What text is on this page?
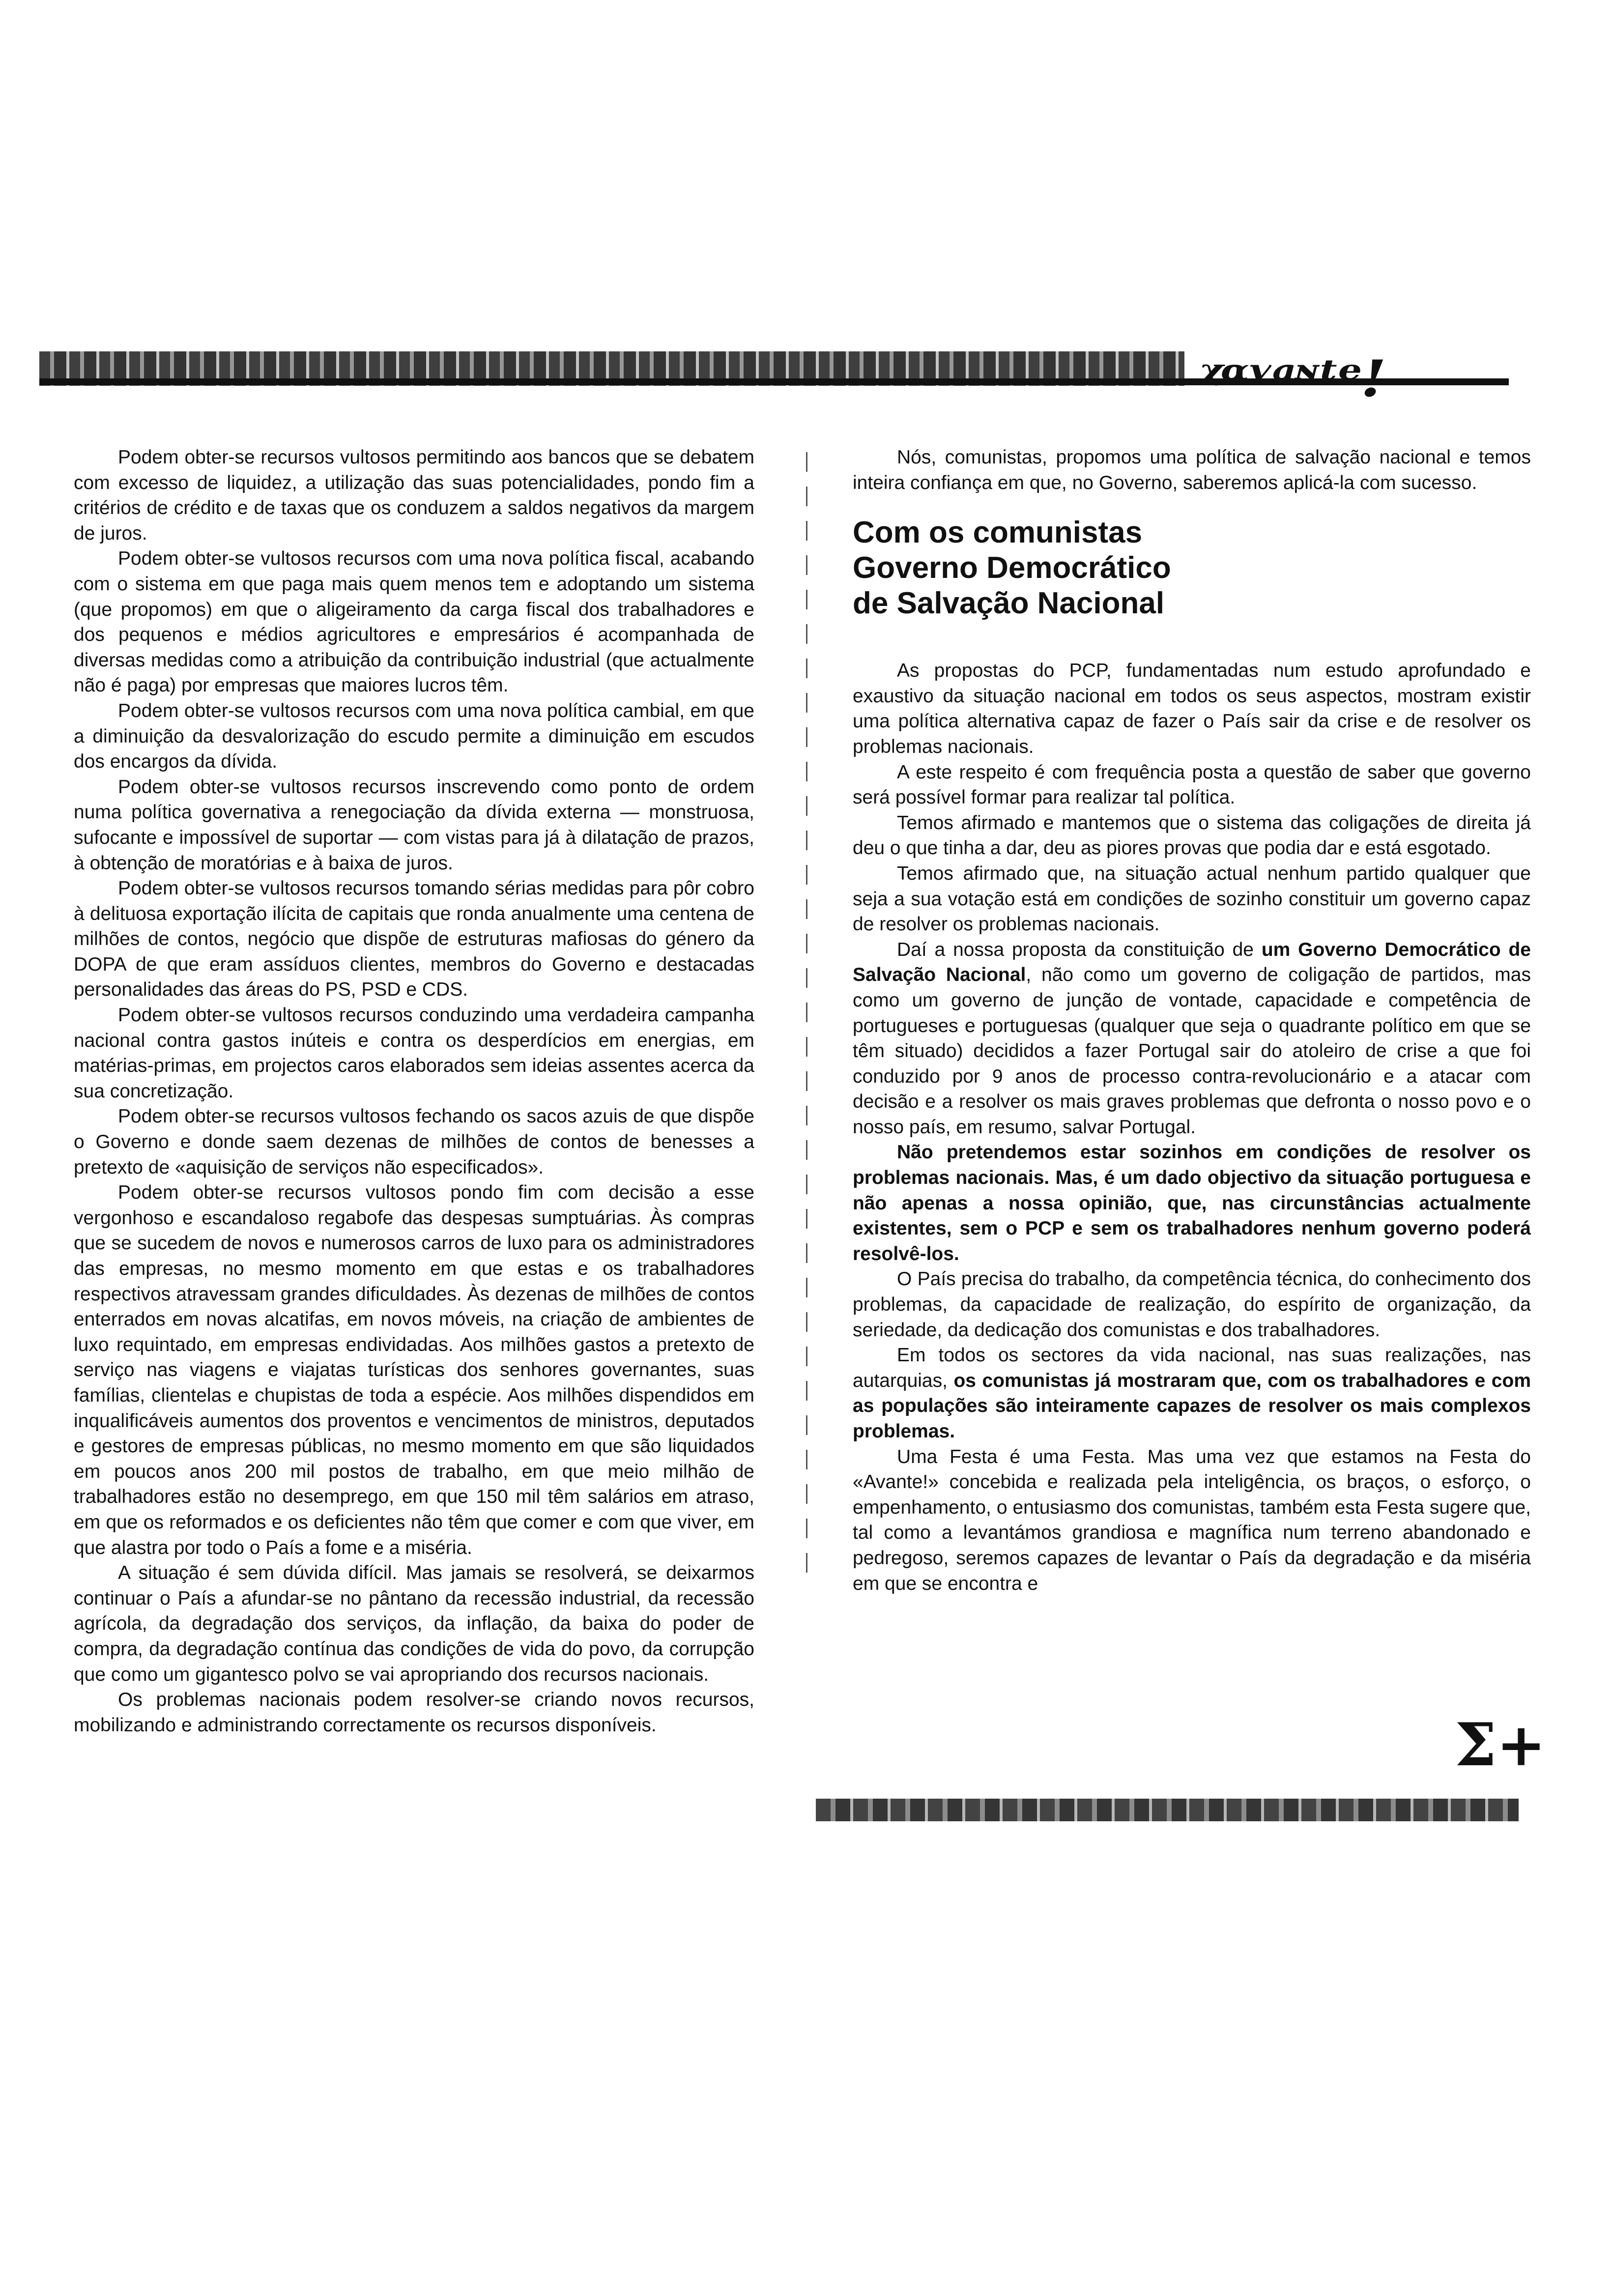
ᵡᵅᵛᵃᶰᵗᵉ!

Podem obter-se recursos vultosos permitindo aos bancos que se debatem com excesso de liquidez, a utilização das suas potencialidades, pondo fim a critérios de crédito e de taxas que os conduzem a saldos negativos da margem de juros.

Podem obter-se vultosos recursos com uma nova política fiscal, acabando com o sistema em que paga mais quem menos tem e adoptando um sistema (que propomos) em que o aligeiramento da carga fiscal dos trabalhadores e dos pequenos e médios agricultores e empresários é acompanhada de diversas medidas como a atribuição da contribuição industrial (que actualmente não é paga) por empresas que maiores lucros têm.

Podem obter-se vultosos recursos com uma nova política cambial, em que a diminuição da desvalorização do escudo permite a diminuição em escudos dos encargos da dívida.

Podem obter-se vultosos recursos inscrevendo como ponto de ordem numa política governativa a renegociação da dívida externa — monstruosa, sufocante e impossível de suportar — com vistas para já à dilatação de prazos, à obtenção de moratórias e à baixa de juros.

Podem obter-se vultosos recursos tomando sérias medidas para pôr cobro à delituosa exportação ilícita de capitais que ronda anualmente uma centena de milhões de contos, negócio que dispõe de estruturas mafiosas do género da DOPA de que eram assíduos clientes, membros do Governo e destacadas personalidades das áreas do PS, PSD e CDS.

Podem obter-se vultosos recursos conduzindo uma verdadeira campanha nacional contra gastos inúteis e contra os desperdícios em energias, em matérias-primas, em projectos caros elaborados sem ideias assentes acerca da sua concretização.

Podem obter-se recursos vultosos fechando os sacos azuis de que dispõe o Governo e donde saem dezenas de milhões de contos de benesses a pretexto de «aquisição de serviços não especificados».

Podem obter-se recursos vultosos pondo fim com decisão a esse vergonhoso e escandaloso regabofe das despesas sumptuárias. Às compras que se sucedem de novos e numerosos carros de luxo para os administradores das empresas, no mesmo momento em que estas e os trabalhadores respectivos atravessam grandes dificuldades. Às dezenas de milhões de contos enterrados em novas alcatifas, em novos móveis, na criação de ambientes de luxo requintado, em empresas endividadas. Aos milhões gastos a pretexto de serviço nas viagens e viajatas turísticas dos senhores governantes, suas famílias, clientelas e chupistas de toda a espécie. Aos milhões dispendidos em inqualificáveis aumentos dos proventos e vencimentos de ministros, deputados e gestores de empresas públicas, no mesmo momento em que são liquidados em poucos anos 200 mil postos de trabalho, em que meio milhão de trabalhadores estão no desemprego, em que 150 mil têm salários em atraso, em que os reformados e os deficientes não têm que comer e com que viver, em que alastra por todo o País a fome e a miséria.

A situação é sem dúvida difícil. Mas jamais se resolverá, se deixarmos continuar o País a afundar-se no pântano da recessão industrial, da recessão agrícola, da degradação dos serviços, da inflação, da baixa do poder de compra, da degradação contínua das condições de vida do povo, da corrupção que como um gigantesco polvo se vai apropriando dos recursos nacionais.

Os problemas nacionais podem resolver-se criando novos recursos, mobilizando e administrando correctamente os recursos disponíveis.

Nós, comunistas, propomos uma política de salvação nacional e temos inteira confiança em que, no Governo, saberemos aplicá-la com sucesso.

Com os comunistas
Governo Democrático
de Salvação Nacional

As propostas do PCP, fundamentadas num estudo aprofundado e exaustivo da situação nacional em todos os seus aspectos, mostram existir uma política alternativa capaz de fazer o País sair da crise e de resolver os problemas nacionais.

A este respeito é com frequência posta a questão de saber que governo será possível formar para realizar tal política.

Temos afirmado e mantemos que o sistema das coligações de direita já deu o que tinha a dar, deu as piores provas que podia dar e está esgotado.

Temos afirmado que, na situação actual nenhum partido qualquer que seja a sua votação está em condições de sozinho constituir um governo capaz de resolver os problemas nacionais.

Daí a nossa proposta da constituição de um Governo Democrático de Salvação Nacional, não como um governo de coligação de partidos, mas como um governo de junção de vontade, capacidade e competência de portugueses e portuguesas (qualquer que seja o quadrante político em que se têm situado) decididos a fazer Portugal sair do atoleiro de crise a que foi conduzido por 9 anos de processo contra-revolucionário e a atacar com decisão e a resolver os mais graves problemas que defronta o nosso povo e o nosso país, em resumo, salvar Portugal.

Não pretendemos estar sozinhos em condições de resolver os problemas nacionais. Mas, é um dado objectivo da situação portuguesa e não apenas a nossa opinião, que, nas circunstâncias actualmente existentes, sem o PCP e sem os trabalhadores nenhum governo poderá resolvê-los.

O País precisa do trabalho, da competência técnica, do conhecimento dos problemas, da capacidade de realização, do espírito de organização, da seriedade, da dedicação dos comunistas e dos trabalhadores.

Em todos os sectores da vida nacional, nas suas realizações, nas autarquias, os comunistas já mostraram que, com os trabalhadores e com as populações são inteiramente capazes de resolver os mais complexos problemas.

Uma Festa é uma Festa. Mas uma vez que estamos na Festa do «Avante!» concebida e realizada pela inteligência, os braços, o esforço, o empenhamento, o entusiasmo dos comunistas, também esta Festa sugere que, tal como a levantámos grandiosa e magnífica num terreno abandonado e pedregoso, seremos capazes de levantar o País da degradação e da miséria em que se encontra e

Σ+
